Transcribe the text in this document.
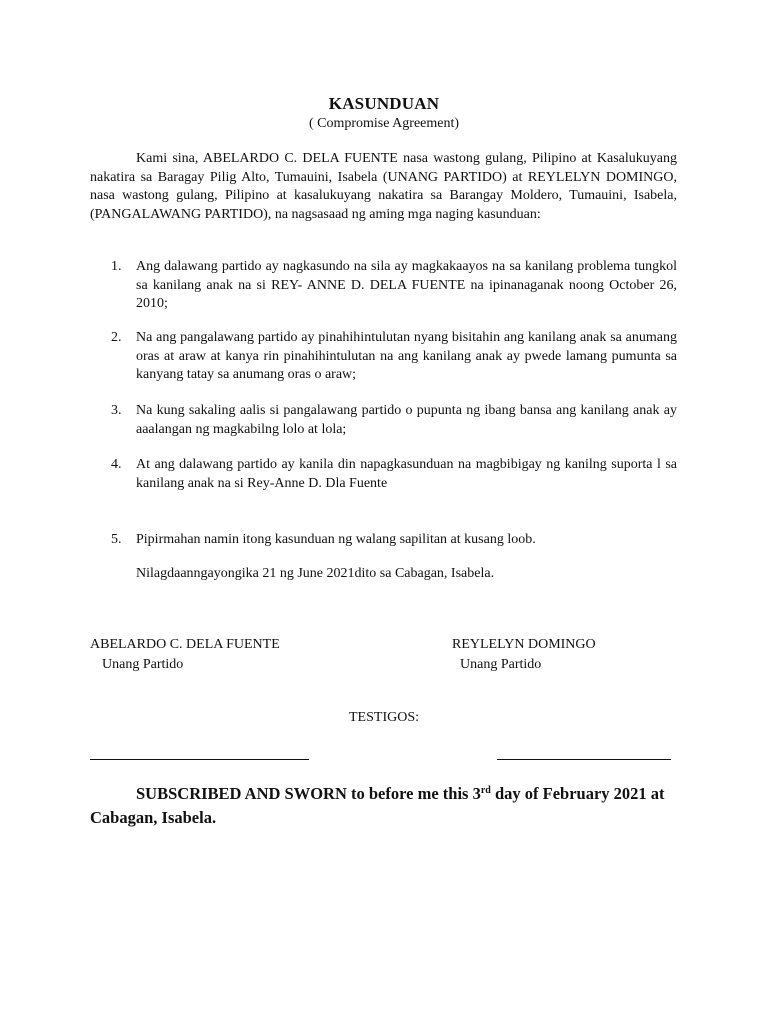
KASUNDUAN
( Compromise Agreement)

Kami sina, ABELARDO C. DELA FUENTE nasa wastong gulang, Pilipino at Kasalukuyang nakatira sa Baragay Pilig Alto, Tumauini, Isabela (UNANG PARTIDO) at REYLELYN DOMINGO, nasa wastong gulang, Pilipino at kasalukuyang nakatira sa Barangay Moldero, Tumauini, Isabela, (PANGALAWANG PARTIDO), na nagsasaad ng aming mga naging kasunduan:

1.	Ang dalawang partido ay nagkasundo na sila ay magkakaayos na sa kanilang problema tungkol sa kanilang anak na si REY- ANNE D. DELA FUENTE na ipinanaganak noong October 26, 2010;
2.	Na ang pangalawang partido ay pinahihintulutan nyang bisitahin ang kanilang anak sa anumang oras at araw at kanya rin pinahihintulutan na ang kanilang anak ay pwede lamang pumunta sa kanyang tatay sa anumang oras o araw;
3.	Na kung sakaling aalis si pangalawang partido o pupunta ng ibang bansa ang kanilang anak ay aaalangan ng magkabilng lolo at lola;
4.	At ang dalawang partido ay kanila din napagkasunduan na magbibigay ng kanilng suporta l sa kanilang anak na si Rey-Anne D. Dla Fuente
5.	Pipirmahan namin itong kasunduan ng walang sapilitan at kusang loob.
Nilagdaanngayongika 21 ng June 2021dito sa Cabagan, Isabela.
ABELARDO C. DELA FUENTE
Unang Partido
REYLELYN DOMINGO
Unang Partido
TESTIGOS:
SUBSCRIBED AND SWORN to before me this 3rd day of February 2021 at Cabagan, Isabela.
